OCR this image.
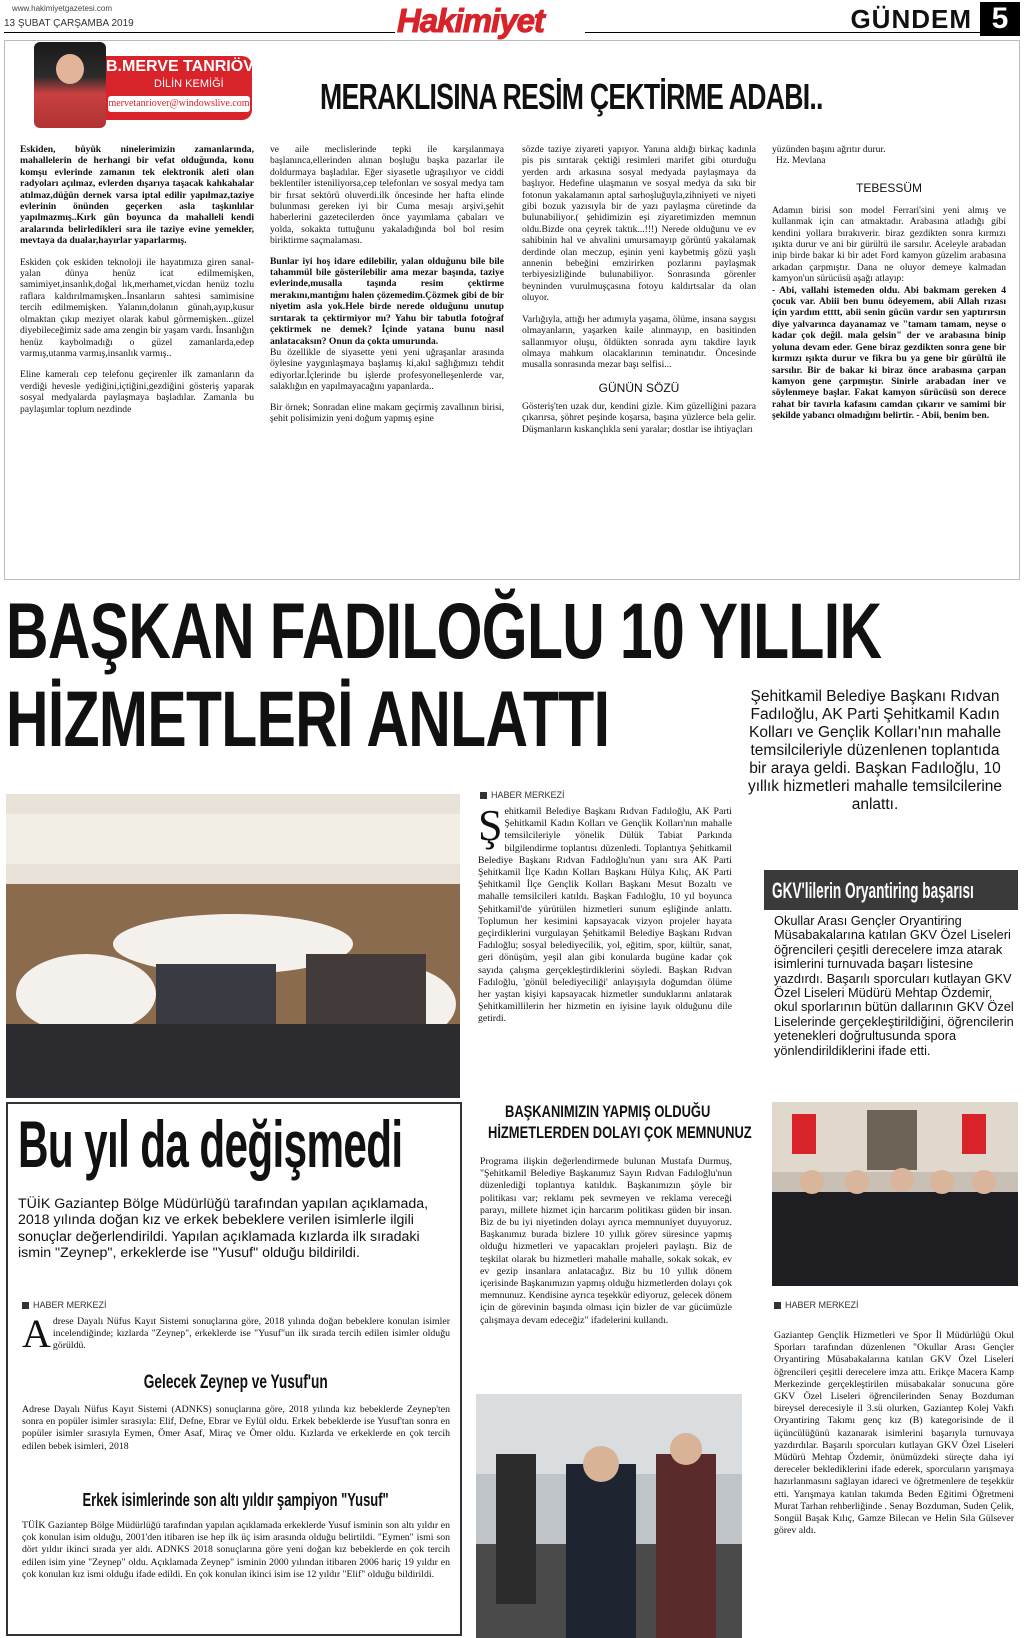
www.hakimiyetgazetesi.com
13 ŞUBAT ÇARŞAMBA 2019	Hakimiyet	GÜNDEM 5
B.MERVE TANRIÖVER
DİLİN KEMİĞİ
mervetanriover@windowslive.com MERAKLISINA RESİM ÇEKTİRME ADABI..

Eskiden, büyük ninelerimizin zamanlarında, mahallelerin de herhangi bir vefat olduğunda, konu komşu evlerinde zamanın tek elektronik aleti olan radyoları açılmaz, evlerden dışarıya taşacak kahkahalar atılmaz,düğün dernek varsa iptal edilir yapılmaz,taziye evlerinin önünden geçerken asla taşkınlılar yapılmazmış..Kırk gün boyunca da mahalleli kendi aralarında belirledikleri sıra ile taziye evine yemekler, mevtaya da dualar,hayırlar yaparlarmış.

Eskiden çok eskiden teknoloji ile hayatımıza giren sanal-yalan dünya henüz icat edilmemişken, samimiyet,insanlık,doğal lık,merhamet,vicdan henüz tozlu raflara kaldırılmamışken..İnsanların sahtesi samimisine tercih edilmemişken. Yalanın,dolanın günah,ayıp,kusur olmaktan çıkıp meziyet olarak kabul görmemişken...güzel diyebileceğimiz sade ama zengin bir yaşam vardı. İnsanlığın henüz kaybolmadığı o güzel zamanlarda,edep varmış,utanma varmış,insanlık varmış..

Eline kameralı cep telefonu geçirenler ilk zamanların da verdiği hevesle yediğini,içtiğini,gezdiğini gösteriş yaparak sosyal medyalarda paylaşmaya başladılar. Zamanla bu paylaşımlar toplum nezdinde

ve aile meclislerinde tepki ile karşılanmaya başlanınca,ellerinden alınan boşluğu başka pazarlar ile doldurmaya başladılar. Eğer siyasetle uğraşılıyor ve ciddi beklentiler isteniliyorsa,cep telefonları ve sosyal medya tam bir fırsat sektörü oluverdi.ilk öncesinde her hafta elinde bulunması gereken iyi bir Cuma mesajı arşivi,şehit haberlerini gazetecilerden önce yayımlama çabaları ve yolda, sokakta tuttuğunu yakaladığında bol bol resim biriktirme saçmalaması.

Bunlar iyi hoş idare edilebilir, yalan olduğunu bile bile tahammül bile gösterilebilir ama mezar başında, taziye evlerinde,musalla taşında resim çektirme merakını,mantığını halen çözemedim.Çözmek gibi de bir niyetim asla yok.Hele birde nerede olduğunu unutup sırıtarak ta çektirmiyor mı? Yahu bir tabutla fotoğraf çektirmek ne demek? İçinde yatana bunu nasıl anlatacaksın? Onun da çokta umurunda.

Bu özellikle de siyasette yeni yeni uğraşanlar arasında öylesine yaygınlaşmaya başlamış ki,akıl sağlığımızı tehdit ediyorlar.İçlerinde bu işlerde profesyonelleşenlerde var, salaklığın en yapılmayacağını yapanlarda..

Bir örnek; Sonradan eline makam geçirmiş zavallının birisi, şehit polisimizin yeni doğum yapmış eşine

sözde taziye ziyareti yapıyor. Yanına aldığı birkaç kadınla pis pis sırıtarak çektiği resimleri marifet gibi oturduğu yerden ardı arkasına sosyal medyada paylaşmaya da başlıyor. Hedefine ulaşmanın ve sosyal medya da sıkı bir fotonun yakalamanın aptal sarhoşluğuyla,zihniyeti ve niyeti gibi bozuk yazısıyla bir de yazı paylaşma cüretinde da bulunabiliyor.( şehidimizin eşi ziyaretimizden memnun oldu.Bizde ona çeyrek taktık...!!!) Nerede olduğunu ve ev sahibinin hal ve ahvalini umursamayıp görüntü yakalamak derdinde olan meczup, eşinin yeni kaybetmiş gözü yaşlı annenin bebeğini emzirirken pozlarını paylaşmak terbiyesizliğinde bulunabiliyor. Sonrasında görenler beyninden vurulmuşçasına fotoyu kaldırtsalar da olan oluyor.

Varlığıyla, attığı her adımıyla yaşama, ölüme, insana saygısı olmayanların, yaşarken kaile alınmayıp, en basitinden sallanmıyor oluşu, öldükten sonrada aynı takdire layık olmaya mahkum olacaklarının teminatıdır. Öncesinde musalla sonrasında mezar başı selfisi...

GÜNÜN SÖZÜ

Gösteriş'ten uzak dur, kendini gizle. Kim güzelliğini pazara çıkarırsa, şöhret peşinde koşarsa, başına yüzlerce bela gelir. Düşmanların kıskançlıkla seni yaralar; dostlar ise ihtiyaçları

yüzünden başını ağrıtır durur.

Hz. Mevlana

TEBESSÜM

Adamın birisi son model Ferrari'sini yeni almış ve kullanmak için can atmaktadır. Arabasına atladığı gibi kendini yollara bırakıverir. biraz gezdikten sonra kırmızı ışıkta durur ve ani bir gürültü ile sarsılır. Aceleyle arabadan inip birde bakar ki bir adet Ford kamyon güzelim arabasına arkadan çarpmıştır. Dana ne oluyor demeye kalmadan kamyon'un sürücüsü aşağı atlayıp:

- Abi, vallahi istemeden oldu. Abi bakmam gereken 4 çocuk var. Abiii ben bunu ödeyemem, abii Allah rızası için yardım etttt, abii senin gücün vardır sen yaptırırsın diye yalvarınca dayanamaz ve "tamam tamam, neyse o kadar çok değil. mala gelsin" der ve arabasına binip yoluna devam eder. Gene biraz gezdikten sonra gene bir kırmızı ışıkta durur ve fikra bu ya gene bir gürültü ile sarsılır. Bir de bakar ki biraz önce arabasına çarpan kamyon gene çarpmıştır. Sinirle arabadan iner ve söylenmeye başlar. Fakat kamyon sürücüsü son derece rahat bir tavırla kafasını camdan çıkarır ve samimi bir şekilde yabancı olmadığını belirtir. - Abii, benim ben.

BAŞKAN FADILOĞLU 10 YILLIK
HİZMETLERİ ANLATTI	Şehitkamil Belediye Başkanı Rıdvan Fadıloğlu, AK Parti Şehitkamil Kadın Kolları ve Gençlik Kolları'nın mahalle temsilcileriyle düzenlenen toplantıda bir araya geldi. Başkan Fadıloğlu, 10 yıllık hizmetleri mahalle temsilcilerine anlattı.
HABER MERKEZİ
Ş ehitkamil Belediye Başkanı Rıdvan Fadıloğlu, AK Parti Şehitkamil Kadın Kolları ve Gençlik Kolları'nın mahalle temsilcileriyle yönelik Dülük Tabiat Parkında bilgilendirme toplantısı düzenledi. Toplantıya Şehitkamil Belediye Başkanı Rıdvan Fadıloğlu'nun yanı sıra AK Parti Şehitkamil İlçe Kadın Kolları Başkanı Hülya Kılıç, AK Parti Şehitkamil İlçe Gençlik Kolları Başkanı Mesut Bozaltı ve mahalle temsilcileri katıldı. Başkan Fadıloğlu, 10 yıl boyunca Şehitkamil'de yürütülen hizmetleri sunum eşliğinde anlattı. Toplumun her kesimini kapsayacak vizyon projeler hayata geçirdiklerini vurgulayan Şehitkamil Belediye Başkanı Rıdvan Fadıloğlu; sosyal belediyecilik, yol, eğitim, spor, kültür, sanat, geri dönüşüm, yeşil alan gibi konularda bugüne kadar çok sayıda çalışma gerçekleştirdiklerini söyledi. Başkan Rıdvan Fadıloğlu, 'gönül belediyeciliği' anlayışıyla doğumdan ölüme her yaştan kişiyi kapsayacak hizmetler sunduklarını anlatarak Şehitkamillilerin her hizmetin en iyisine layık olduğunu dile getirdi.

BAŞKANIMIZIN YAPMIŞ OLDUĞU
HİZMETLERDEN DOLAYI ÇOK MEMNUNUZ

Programa ilişkin değerlendirmede bulunan Mustafa Durmuş, "Şehitkamil Belediye Başkanımız Sayın Rıdvan Fadıloğlu'nun düzenlediği toplantıya katıldık. Başkanımızın şöyle bir politikası var; reklamı pek sevmeyen ve reklama vereceği parayı, millete hizmet için harcarım politikası güden bir insan. Biz de bu iyi niyetinden dolayı ayrıca memnuniyet duyuyoruz. Başkanımız burada bizlere 10 yıllık görev süresince yapmış olduğu hizmetleri ve yapacakları projeleri paylaştı. Biz de teşkilat olarak bu hizmetleri mahalle mahalle, sokak sokak, ev ev gezip insanlara anlatacağız. Biz bu 10 yıllık dönem içerisinde Başkanımızın yapmış olduğu hizmetlerden dolayı çok memnunuz. Kendisine ayrıca teşekkür ediyoruz, gelecek dönem için de görevinin başında olması için bizler de var gücümüzle çalışmaya devam edeceğiz" ifadelerini kullandı.

GKV'lilerin Oryantiring başarısı
Okullar Arası Gençler Oryantiring Müsabakalarına katılan GKV Özel Liseleri öğrencileri çeşitli derecelere imza atarak isimlerini turnuvada başarı listesine yazdırdı. Başarılı sporcuları kutlayan GKV Özel Liseleri Müdürü Mehtap Özdemir, okul sporlarının bütün dallarının GKV Özel Liselerinde gerçekleştirildiğini, öğrencilerin yetenekleri doğrultusunda spora yönlendirildiklerini ifade etti.
HABER MERKEZİ

Gaziantep Gençlik Hizmetleri ve Spor İl Müdürlüğü Okul Sporları tarafından düzenlenen "Okullar Arası Gençler Oryantiring Müsabakalarına katılan GKV Özel Liseleri öğrencileri çeşitli derecelere imza attı. Erikçe Macera Kamp Merkezinde gerçekleştirilen müsabakalar sonucuna göre GKV Özel Liseleri öğrencilerinden Senay Bozduman bireysel derecesiyle il 3.sü olurken, Gaziantep Kolej Vakfı Oryantiring Takımı genç kız (B) kategorisinde de il üçüncülüğünü kazanarak isimlerini başarıyla turnuvaya yazdırdılar. Başarılı sporcuları kutlayan GKV Özel Liseleri Müdürü Mehtap Özdemir, önümüzdeki süreçte daha iyi dereceler beklediklerini ifade ederek, sporcuların yarışmaya hazırlanmasını sağlayan idareci ve öğretmenlere de teşekkür etti. Yarışmaya katılan takımda Beden Eğitimi Öğretmeni Murat Tarhan rehberliğinde . Senay Bozduman, Suden Çelik, Songül Başak Kılıç, Gamze Bilecan ve Helin Sıla Gülsever görev aldı.

Bu yıl da değişmedi
TÜİK Gaziantep Bölge Müdürlüğü tarafından yapılan açıklamada, 2018 yılında doğan kız ve erkek bebeklere verilen isimlerle ilgili sonuçlar değerlendirildi. Yapılan açıklamada kızlarda ilk sıradaki ismin "Zeynep", erkeklerde ise "Yusuf" olduğu bildirildi.
HABER MERKEZİ
A drese Dayalı Nüfus Kayıt Sistemi sonuçlarına göre, 2018 yılında doğan bebeklere konulan isimler incelendiğinde; kızlarda "Zeynep", erkeklerde ise "Yusuf"un ilk sırada tercih edilen isimler olduğu görüldü.

Gelecek Zeynep ve Yusuf'un

Adrese Dayalı Nüfus Kayıt Sistemi (ADNKS) sonuçlarına göre, 2018 yılında kız bebeklerde Zeynep'ten sonra en popüler isimler sırasıyla: Elif, Defne, Ebrar ve Eylül oldu. Erkek bebeklerde ise Yusuf'tan sonra en popüler isimler sırasıyla Eymen, Ömer Asaf, Miraç ve Ömer oldu. Kızlarda ve erkeklerde en çok tercih edilen bebek isimleri, 2018

Erkek isimlerinde son altı yıldır şampiyon "Yusuf"

TÜİK Gaziantep Bölge Müdürlüğü tarafından yapılan açıklamada erkeklerde Yusuf isminin son altı yıldır en çok konulan isim olduğu, 2001'den itibaren ise hep ilk üç isim arasında olduğu belirtildi. "Eymen" ismi son dört yıldır ikinci sırada yer aldı. ADNKS 2018 sonuçlarına göre yeni doğan kız bebeklerde en çok tercih edilen isim yine "Zeynep" oldu. Açıklamada Zeynep" isminin 2000 yılından itibaren 2006 hariç 19 yıldır en çok konulan kız ismi olduğu ifade edildi. En çok konulan ikinci isim ise 12 yıldır "Elif" olduğu bildirildi.
